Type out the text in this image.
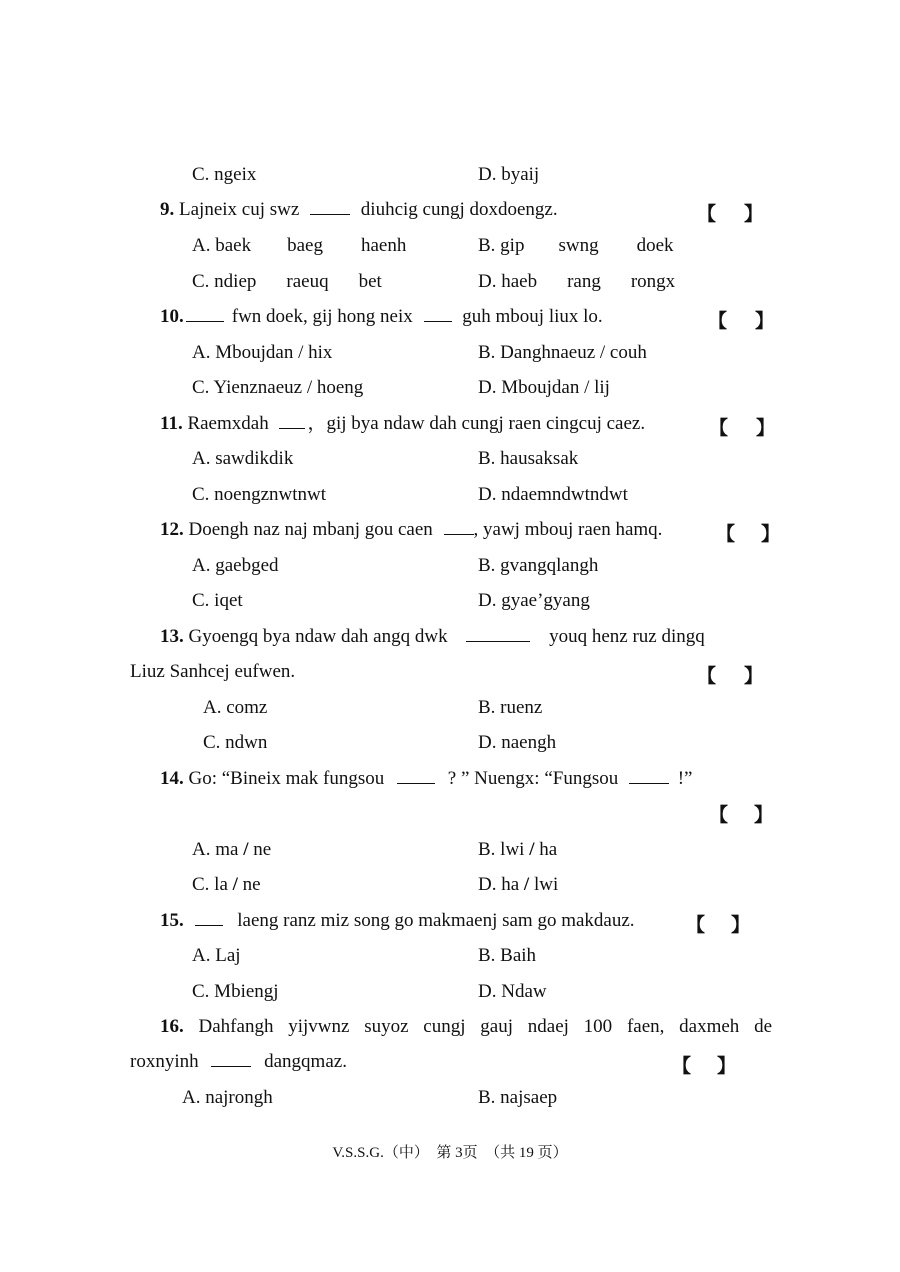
C. ngeix	D. byaij
9. Lajneix cuj swz	diuhcig cungj doxdoengz.	【 】
A. baek baeg haenh	B. gip swng doek
C. ndiep raeuq bet	D. haeb rang rongx
10.	fwn doek, gij hong neix	guh mbouj liux lo.	【 】
A. Mboujdan / hix	B. Danghnaeuz / couh
C. Yienznaeuz / hoeng	D. Mboujdan / lij
11. Raemxdah ，gij bya ndaw dah cungj raen cingcuj caez.	【 】
A. sawdikdik	B. hausaksak
C. noengznwtnwt	D. ndaemndwtndwt
12. Doengh naz naj mbanj gou caen , yawj mbouj raen hamq.	【 】
A. gaebged	B. gvangqlangh
C. iqet	D. gyae’gyang
13. Gyoengq bya ndaw dah angq dwk	youq henz ruz dingq
Liuz Sanhcej eufwen.	【 】
A. comz	B. ruenz
C. ndwn	D. naengh
14. Go: “Bineix mak fungsou	? ” Nuengx: “Fungsou	!”
【 】
A. ma / ne	B. lwi / ha
C. la / ne	D. ha / lwi
15.	laeng ranz miz song go makmaenj sam go makdauz.	【 】
A. Laj	B. Baih
C. Mbiengj	D. Ndaw
16. Dahfangh yijvwnz suyoz cungj gauj ndaej 100 faen, daxmeh de
roxnyinh	dangqmaz.	【 】
A. najrongh	B. najsaep
V.S.S.G.（中）　第 3页　（共 19 页）
